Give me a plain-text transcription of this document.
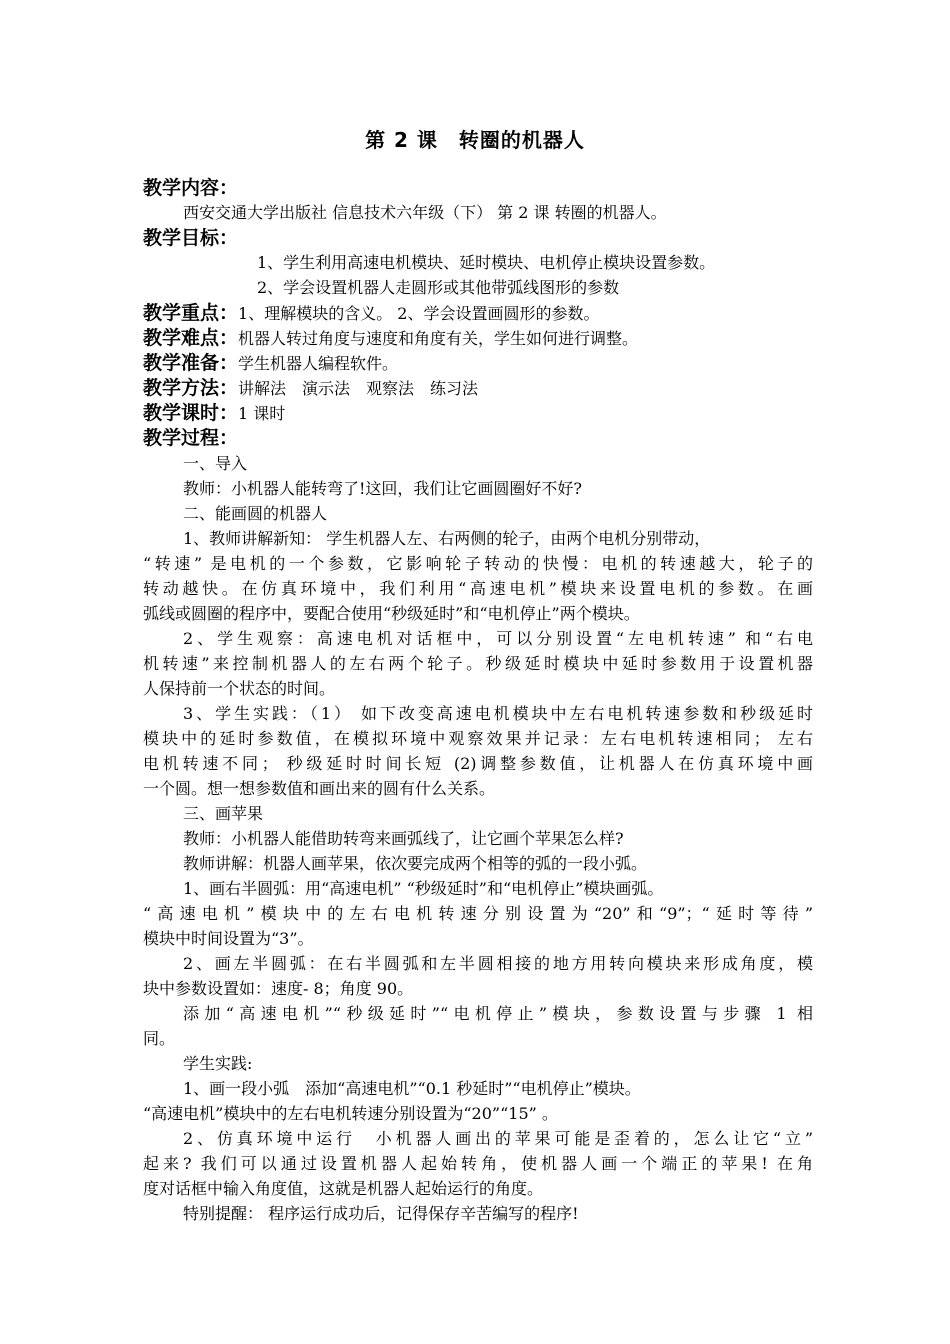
第 2 课　转圈的机器人
教学内容：
西安交通大学出版社 信息技术六年级（下） 第 2 课 转圈的机器人。
教学目标：
1、学生利用高速电机模块、延时模块、电机停止模块设置参数。
2、学会设置机器人走圆形或其他带弧线图形的参数
教学重点：1、理解模块的含义。 2、学会设置画圆形的参数。
教学难点：机器人转过角度与速度和角度有关，学生如何进行调整。
教学准备：学生机器人编程软件。
教学方法：讲解法　演示法　观察法　练习法
教学课时：1 课时
教学过程：
一、导入
教师：小机器人能转弯了!这回，我们让它画圆圈好不好?
二、能画圆的机器人
1、教师讲解新知： 学生机器人左、右两侧的轮子，由两个电机分别带动，
“转速” 是电机的一个参数，它影响轮子转动的快慢：电机的转速越大，轮子的
转动越快。在仿真环境中，我们利用“高速电机”模块来设置电机的参数。在画
弧线或圆圈的程序中，要配合使用“秒级延时”和“电机停止”两个模块。
2、学生观察：高速电机对话框中，可以分别设置“左电机转速” 和“右电
机转速”来控制机器人的左右两个轮子。秒级延时模块中延时参数用于设置机器
人保持前一个状态的时间。
3、学生实践：（1） 如下改变高速电机模块中左右电机转速参数和秒级延时
模块中的延时参数值，在模拟环境中观察效果并记录：左右电机转速相同； 左右
电机转速不同； 秒级延时时间长短 (2)调整参数值，让机器人在仿真环境中画
一个圆。想一想参数值和画出来的圆有什么关系。
三、画苹果
教师：小机器人能借助转弯来画弧线了，让它画个苹果怎么样?
教师讲解：机器人画苹果，依次要完成两个相等的弧的一段小弧。
1、画右半圆弧：用“高速电机” “秒级延时”和“电机停止”模块画弧。
“高速电机”模块中的左右电机转速分别设置为“20”和“9”；“延时等待”
模块中时间设置为“3”。
2、画左半圆弧：在右半圆弧和左半圆相接的地方用转向模块来形成角度，模
块中参数设置如：速度- 8；角度 90。
添加“高速电机”“秒级延时”“电机停止”模块，参数设置与步骤 1 相
同。
学生实践:
1、画一段小弧　添加“高速电机”“0.1 秒延时”“电机停止”模块。
“高速电机”模块中的左右电机转速分别设置为“20”“15” 。
2、仿真环境中运行　小机器人画出的苹果可能是歪着的，怎么让它“立”
起来? 我们可以通过设置机器人起始转角，使机器人画一个端正的苹果! 在角
度对话框中输入角度值，这就是机器人起始运行的角度。
特别提醒： 程序运行成功后，记得保存辛苦编写的程序!
